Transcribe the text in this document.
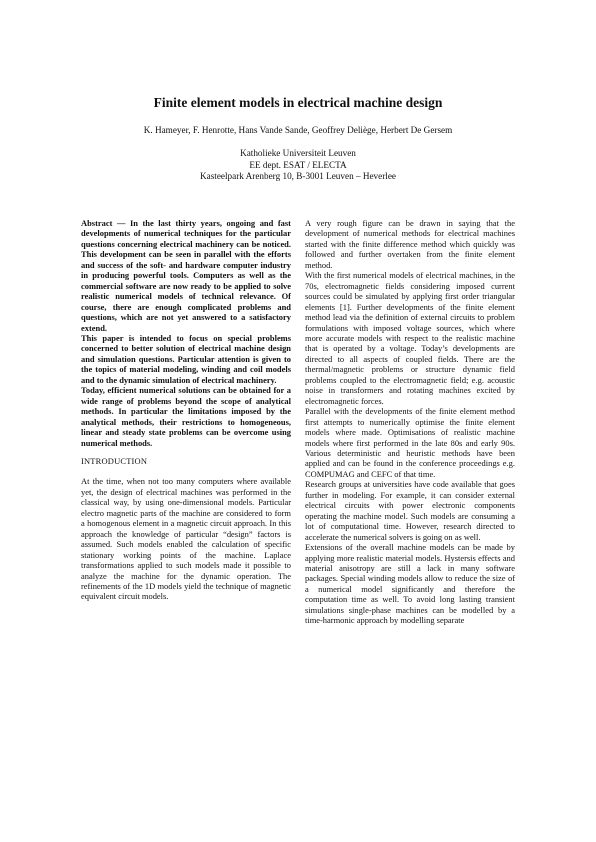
Finite element models in electrical machine design
K. Hameyer, F. Henrotte, Hans Vande Sande, Geoffrey Deliège, Herbert De Gersem
Katholieke Universiteit Leuven
EE dept. ESAT / ELECTA
Kasteelpark Arenberg 10, B-3001 Leuven – Heverlee

Abstract — In the last thirty years, ongoing and fast developments of numerical techniques for the particular questions concerning electrical machinery can be noticed. This development can be seen in parallel with the efforts and success of the soft- and hardware computer industry in producing powerful tools. Computers as well as the commercial software are now ready to be applied to solve realistic numerical models of technical relevance. Of course, there are enough complicated problems and questions, which are not yet answered to a satisfactory extend.

This paper is intended to focus on special problems concerned to better solution of electrical machine design and simulation questions. Particular attention is given to the topics of material modeling, winding and coil models and to the dynamic simulation of electrical machinery.

Today, efficient numerical solutions can be obtained for a wide range of problems beyond the scope of analytical methods. In particular the limitations imposed by the analytical methods, their restrictions to homogeneous, linear and steady state problems can be overcome using numerical methods.

INTRODUCTION

At the time, when not too many computers where available yet, the design of electrical machines was performed in the classical way, by using one-dimensional models. Particular electro magnetic parts of the machine are considered to form a homogenous element in a magnetic circuit approach. In this approach the knowledge of particular “design” factors is assumed. Such models enabled the calculation of specific stationary working points of the machine. Laplace transformations applied to such models made it possible to analyze the machine for the dynamic operation. The refinements of the 1D models yield the technique of magnetic equivalent circuit models.

A very rough figure can be drawn in saying that the development of numerical methods for electrical machines started with the finite difference method which quickly was followed and further overtaken from the finite element method.

With the first numerical models of electrical machines, in the 70s, electromagnetic fields considering imposed current sources could be simulated by applying first order triangular elements [1]. Further developments of the finite element method lead via the definition of external circuits to problem formulations with imposed voltage sources, which where more accurate models with respect to the realistic machine that is operated by a voltage. Today’s developments are directed to all aspects of coupled fields. There are the thermal/magnetic problems or structure dynamic field problems coupled to the electromagnetic field; e.g. acoustic noise in transformers and rotating machines excited by electromagnetic forces.

Parallel with the developments of the finite element method first attempts to numerically optimise the finite element models where made. Optimisations of realistic machine models where first performed in the late 80s and early 90s. Various deterministic and heuristic methods have been applied and can be found in the conference proceedings e.g. COMPUMAG and CEFC of that time.

Research groups at universities have code available that goes further in modeling. For example, it can consider external electrical circuits with power electronic components operating the machine model. Such models are consuming a lot of computational time. However, research directed to accelerate the numerical solvers is going on as well.

Extensions of the overall machine models can be made by applying more realistic material models. Hystersis effects and material anisotropy are still a lack in many software packages. Special winding models allow to reduce the size of a numerical model significantly and therefore the computation time as well. To avoid long lasting transient simulations single-phase machines can be modelled by a time-harmonic approach by modelling separate
